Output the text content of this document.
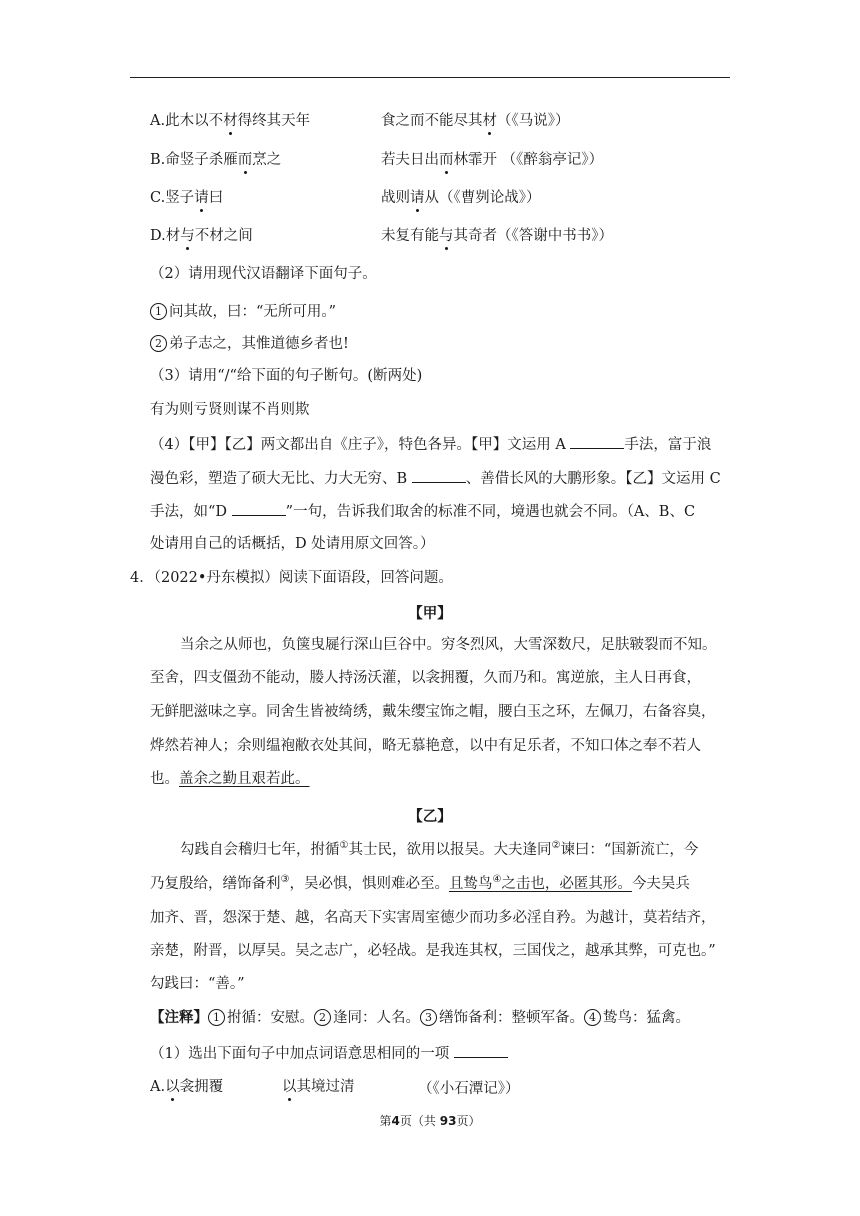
A.此木以不材得终其天年	食之而不能尽其材（《马说》）
B.命竖子杀雁而烹之	若夫日出而林霏开 （《醉翁亭记》）
C.竖子请曰	战则请从（《曹刿论战》）
D.材与不材之间	未复有能与其奇者（《答谢中书书》）
（2）请用现代汉语翻译下面句子。
1 问其故，曰：“无所可用。”
2 弟子志之，其惟道德乡者也!
（3）请用“/“给下面的句子断句。(断两处)
有为则亏贤则谋不肖则欺
（4）【甲】【乙】两文都出自《庄子》，特色各异。【甲】文运用 A	手法，富于浪
漫色彩，塑造了硕大无比、力大无穷、B	、善借长风的大鹏形象。【乙】文运用 C
手法，如“D	”一句，告诉我们取舍的标准不同，境遇也就会不同。（A、B、C
处请用自己的话概括，D 处请用原文回答。）
4．（2022•丹东模拟）阅读下面语段，回答问题。
【甲】
当余之从师也，负箧曳屣行深山巨谷中。穷冬烈风，大雪深数尺，足肤皲裂而不知。
至舍，四支僵劲不能动，媵人持汤沃灌，以衾拥覆，久而乃和。寓逆旅，主人日再食，
无鲜肥滋味之享。同舍生皆被绮绣，戴朱缨宝饰之帽，腰白玉之环，左佩刀，右备容臭，
烨然若神人；余则缊袍敝衣处其间，略无慕艳意，以中有足乐者，不知口体之奉不若人
也。盖余之勤且艰若此。
【乙】
勾践自会稽归七年，拊循①其士民，欲用以报吴。大夫逢同②谏曰：“国新流亡，今
乃复殷给，缮饰备利③，吴必惧，惧则难必至。且鸷鸟④之击也，必匿其形。今夫吴兵
加齐、晋，怨深于楚、越，名高天下实害周室德少而功多必淫自矜。为越计，莫若结齐，
亲楚，附晋，以厚吴。吴之志广，必轻战。是我连其权，三国伐之，越承其弊，可克也。”
勾践曰：“善。”
【注释】 1 拊循：安慰。 2 逢同：人名。 3 缮饰备利：整顿军备。 4 鸷鸟：猛禽。
（1）选出下面句子中加点词语意思相同的一项
A.以衾拥覆	以其境过清	（《小石潭记》）
第4页（共 93页）
